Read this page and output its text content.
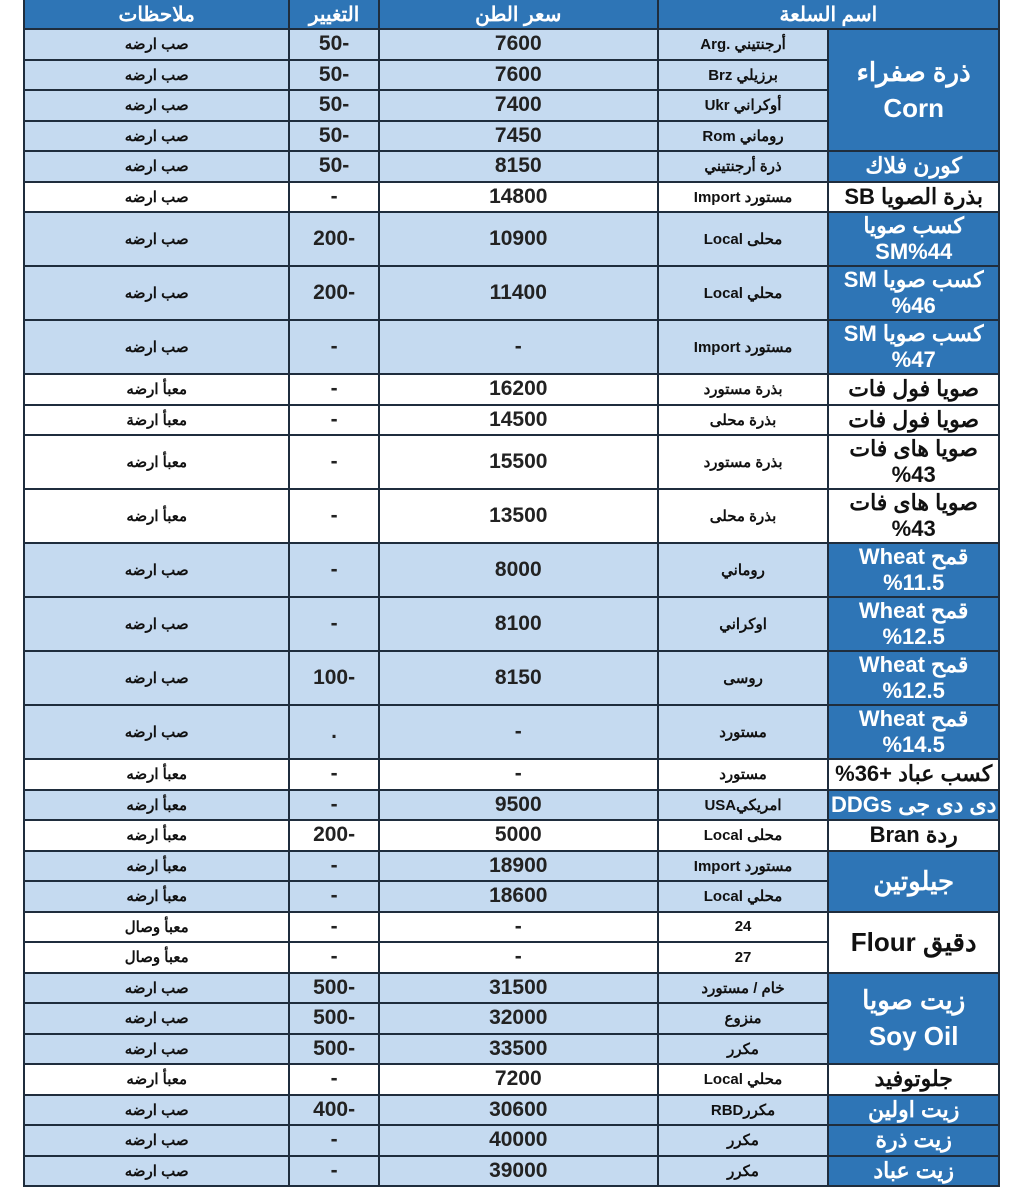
اسم السلعة		سعر الطن	التغيير	ملاحظات

ذرة صفراء
Corn	أرجنتيني .Arg	7600	-50	صب ارضه
	برزيلي Brz	7600	-50	صب ارضه
	أوكراني Ukr	7400	-50	صب ارضه
	روماني Rom	7450	-50	صب ارضه
كورن فلاك	ذرة أرجنتيني	8150	-50	صب ارضه
بذرة الصويا SB	مستورد Import	14800	-	صب ارضه
كسب صويا SM%44	محلى Local	10900	-200	صب ارضه
كسب صويا SM %46	محلي Local	11400	-200	صب ارضه
كسب صويا SM %47	مستورد Import	-	-	صب ارضه
صويا فول فات	بذرة مستورد	16200	-	معبأ ارضه
صويا فول فات	بذرة محلى	14500	-	معبأ ارضة
صويا هاى فات 43%	بذرة مستورد	15500	-	معبأ ارضه
صويا هاى فات 43%	بذرة محلى	13500	-	معبأ ارضه
قمح Wheat %11.5	روماني	8000	-	صب ارضه
قمح Wheat %12.5	اوكراني	8100	-	صب ارضه
قمح Wheat %12.5	روسى	8150	-100	صب ارضه
قمح Wheat %14.5	مستورد	-	.	صب ارضه
كسب عباد +36%	مستورد	-	-	معبأ ارضه
دى دى جى DDGs	امريكيUSA	9500	-	معبأ ارضه
ردة Bran	محلى Local	5000	-200	معبأ ارضه
جيلوتين	مستورد Import	18900	-	معبأ ارضه
	محلي Local	18600	-	معبأ ارضه
دقيق Flour	24	-	-	معبأ وصال
	27	-	-	معبأ وصال

زيت صويا
Soy Oil	خام / مستورد	31500	-500	صب ارضه
	منزوع	32000	-500	صب ارضه
	مكرر	33500	-500	صب ارضه
جلوتوفيد	محلي Local	7200	-	معبأ ارضه
زيت اولين	مكررRBD	30600	-400	صب ارضه
زيت ذرة	مكرر	40000	-	صب ارضه
زيت عباد	مكرر	39000	-	صب ارضه
